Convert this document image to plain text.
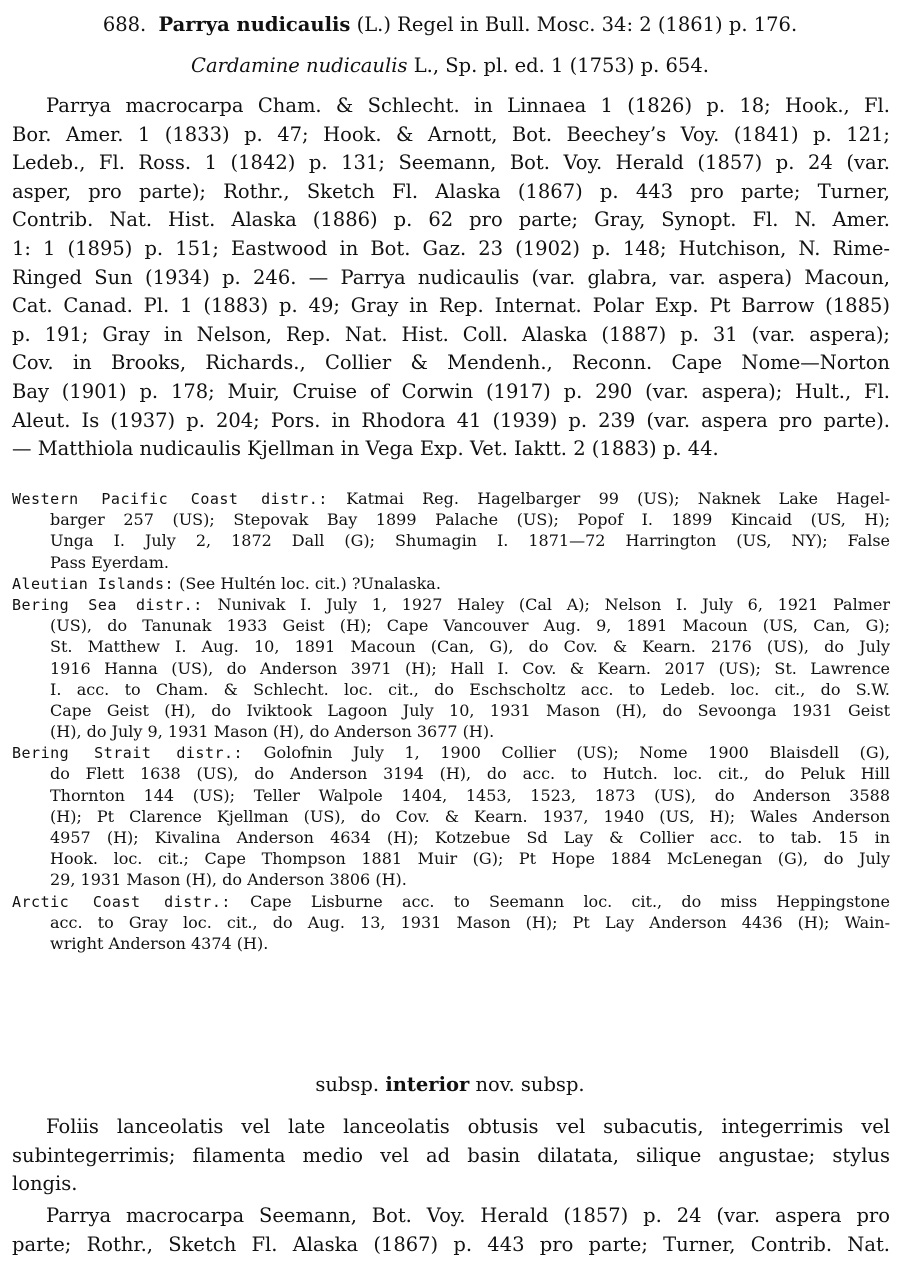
688. Parrya nudicaulis (L.) Regel in Bull. Mosc. 34: 2 (1861) p. 176.
Cardamine nudicaulis L., Sp. pl. ed. 1 (1753) p. 654.
Parrya macrocarpa Cham. & Schlecht. in Linnaea 1 (1826) p. 18; Hook., Fl.
Bor. Amer. 1 (1833) p. 47; Hook. & Arnott, Bot. Beechey’s Voy. (1841) p. 121;
Ledeb., Fl. Ross. 1 (1842) p. 131; Seemann, Bot. Voy. Herald (1857) p. 24 (var.
asper, pro parte); Rothr., Sketch Fl. Alaska (1867) p. 443 pro parte; Turner,
Contrib. Nat. Hist. Alaska (1886) p. 62 pro parte; Gray, Synopt. Fl. N. Amer.
1: 1 (1895) p. 151; Eastwood in Bot. Gaz. 23 (1902) p. 148; Hutchison, N. Rime-
Ringed Sun (1934) p. 246. — Parrya nudicaulis (var. glabra, var. aspera) Macoun,
Cat. Canad. Pl. 1 (1883) p. 49; Gray in Rep. Internat. Polar Exp. Pt Barrow (1885)
p. 191; Gray in Nelson, Rep. Nat. Hist. Coll. Alaska (1887) p. 31 (var. aspera);
Cov. in Brooks, Richards., Collier & Mendenh., Reconn. Cape Nome—Norton
Bay (1901) p. 178; Muir, Cruise of Corwin (1917) p. 290 (var. aspera); Hult., Fl.
Aleut. Is (1937) p. 204; Pors. in Rhodora 41 (1939) p. 239 (var. aspera pro parte).
— Matthiola nudicaulis Kjellman in Vega Exp. Vet. Iaktt. 2 (1883) p. 44.
Western Pacific Coast distr.: Katmai Reg. Hagelbarger 99 (US); Naknek Lake Hagel-
barger 257 (US); Stepovak Bay 1899 Palache (US); Popof I. 1899 Kincaid (US, H);
Unga I. July 2, 1872 Dall (G); Shumagin I. 1871—72 Harrington (US, NY); False
Pass Eyerdam.
Aleutian Islands: (See Hultén loc. cit.) ?Unalaska.
Bering Sea distr.: Nunivak I. July 1, 1927 Haley (Cal A); Nelson I. July 6, 1921 Palmer
(US), do Tanunak 1933 Geist (H); Cape Vancouver Aug. 9, 1891 Macoun (US, Can, G);
St. Matthew I. Aug. 10, 1891 Macoun (Can, G), do Cov. & Kearn. 2176 (US), do July
1916 Hanna (US), do Anderson 3971 (H); Hall I. Cov. & Kearn. 2017 (US); St. Lawrence
I. acc. to Cham. & Schlecht. loc. cit., do Eschscholtz acc. to Ledeb. loc. cit., do S.W.
Cape Geist (H), do Iviktook Lagoon July 10, 1931 Mason (H), do Sevoonga 1931 Geist
(H), do July 9, 1931 Mason (H), do Anderson 3677 (H).
Bering Strait distr.: Golofnin July 1, 1900 Collier (US); Nome 1900 Blaisdell (G),
do Flett 1638 (US), do Anderson 3194 (H), do acc. to Hutch. loc. cit., do Peluk Hill
Thornton 144 (US); Teller Walpole 1404, 1453, 1523, 1873 (US), do Anderson 3588
(H); Pt Clarence Kjellman (US), do Cov. & Kearn. 1937, 1940 (US, H); Wales Anderson
4957 (H); Kivalina Anderson 4634 (H); Kotzebue Sd Lay & Collier acc. to tab. 15 in
Hook. loc. cit.; Cape Thompson 1881 Muir (G); Pt Hope 1884 McLenegan (G), do July
29, 1931 Mason (H), do Anderson 3806 (H).
Arctic Coast distr.: Cape Lisburne acc. to Seemann loc. cit., do miss Heppingstone
acc. to Gray loc. cit., do Aug. 13, 1931 Mason (H); Pt Lay Anderson 4436 (H); Wain-
wright Anderson 4374 (H).
subsp. interior nov. subsp.
Foliis lanceolatis vel late lanceolatis obtusis vel subacutis, integerrimis vel
subintegerrimis; filamenta medio vel ad basin dilatata, silique angustae; stylus
longis.
Parrya macrocarpa Seemann, Bot. Voy. Herald (1857) p. 24 (var. aspera pro
parte; Rothr., Sketch Fl. Alaska (1867) p. 443 pro parte; Turner, Contrib. Nat.
